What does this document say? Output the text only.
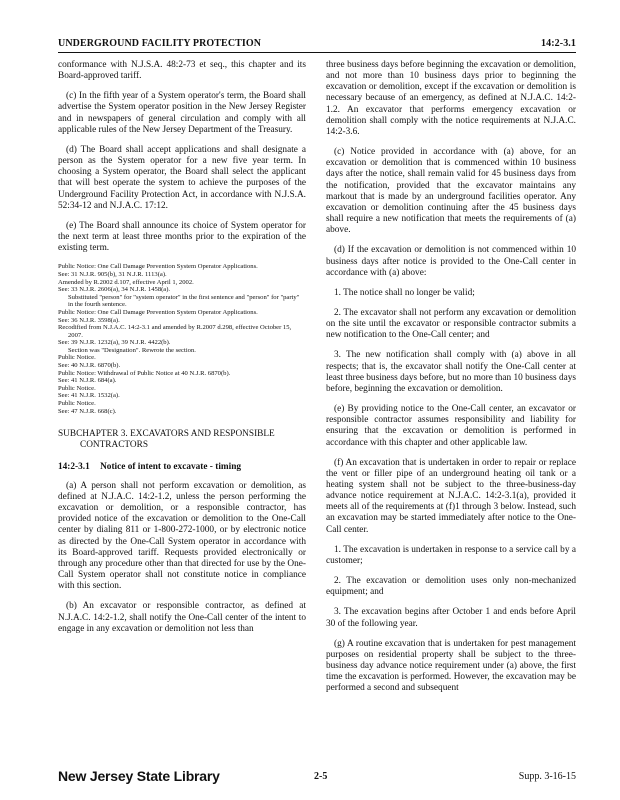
UNDERGROUND FACILITY PROTECTION	14:2-3.1

conformance with N.J.S.A. 48:2-73 et seq., this chapter and its Board-approved tariff.

(c) In the fifth year of a System operator's term, the Board shall advertise the System operator position in the New Jersey Register and in newspapers of general circulation and comply with all applicable rules of the New Jersey Department of the Treasury.

(d) The Board shall accept applications and shall designate a person as the System operator for a new five year term. In choosing a System operator, the Board shall select the applicant that will best operate the system to achieve the purposes of the Underground Facility Protection Act, in accordance with N.J.S.A. 52:34-12 and N.J.A.C. 17:12.

(e) The Board shall announce its choice of System operator for the next term at least three months prior to the expiration of the existing term.

Public Notice: One Call Damage Prevention System Operator Applications.
See: 31 N.J.R. 905(b), 31 N.J.R. 1113(a).
Amended by R.2002 d.107, effective April 1, 2002.
See: 33 N.J.R. 2606(a), 34 N.J.R. 1458(a).
Substituted "person" for "system operator" in the first sentence and "person" for "party" in the fourth sentence.
Public Notice: One Call Damage Prevention System Operator Applications.
See: 36 N.J.R. 3598(a).
Recodified from N.J.A.C. 14:2-3.1 and amended by R.2007 d.298, effective October 15, 2007.
See: 39 N.J.R. 1232(a), 39 N.J.R. 4422(b).
Section was "Designation". Rewrote the section.
Public Notice.
See: 40 N.J.R. 6870(b).
Public Notice: Withdrawal of Public Notice at 40 N.J.R. 6870(b).
See: 41 N.J.R. 684(a).
Public Notice.
See: 41 N.J.R. 1532(a).
Public Notice.
See: 47 N.J.R. 668(c).
SUBCHAPTER 3. EXCAVATORS AND RESPONSIBLE
CONTRACTORS
14:2-3.1 Notice of intent to excavate - timing

(a) A person shall not perform excavation or demolition, as defined at N.J.A.C. 14:2-1.2, unless the person performing the excavation or demolition, or a responsible contractor, has provided notice of the excavation or demolition to the One-Call center by dialing 811 or 1-800-272-1000, or by electronic notice as directed by the One-Call System operator in accordance with its Board-approved tariff. Requests provided electronically or through any procedure other than that directed for use by the One-Call System operator shall not constitute notice in compliance with this section.

(b) An excavator or responsible contractor, as defined at N.J.A.C. 14:2-1.2, shall notify the One-Call center of the intent to engage in any excavation or demolition not less than

three business days before beginning the excavation or demolition, and not more than 10 business days prior to beginning the excavation or demolition, except if the excavation or demolition is necessary because of an emergency, as defined at N.J.A.C. 14:2-1.2. An excavator that performs emergency excavation or demolition shall comply with the notice requirements at N.J.A.C. 14:2-3.6.

(c) Notice provided in accordance with (a) above, for an excavation or demolition that is commenced within 10 business days after the notice, shall remain valid for 45 business days from the notification, provided that the excavator maintains any markout that is made by an underground facilities operator. Any excavation or demolition continuing after the 45 business days shall require a new notification that meets the requirements of (a) above.

(d) If the excavation or demolition is not commenced within 10 business days after notice is provided to the One-Call center in accordance with (a) above:

1. The notice shall no longer be valid;
2. The excavator shall not perform any excavation or demolition on the site until the excavator or responsible contractor submits a new notification to the One-Call center; and
3. The new notification shall comply with (a) above in all respects; that is, the excavator shall notify the One-Call center at least three business days before, but no more than 10 business days before, beginning the excavation or demolition.

(e) By providing notice to the One-Call center, an excavator or responsible contractor assumes responsibility and liability for ensuring that the excavation or demolition is performed in accordance with this chapter and other applicable law.

(f) An excavation that is undertaken in order to repair or replace the vent or filler pipe of an underground heating oil tank or a heating system shall not be subject to the three-business-day advance notice requirement at N.J.A.C. 14:2-3.1(a), provided it meets all of the requirements at (f)1 through 3 below. Instead, such an excavation may be started immediately after notice to the One-Call center.

1. The excavation is undertaken in response to a service call by a customer;
2. The excavation or demolition uses only non-mechanized equipment; and
3. The excavation begins after October 1 and ends before April 30 of the following year.

(g) A routine excavation that is undertaken for pest management purposes on residential property shall be subject to the three-business day advance notice requirement under (a) above, the first time the excavation is performed. However, the excavation may be performed a second and subsequent

New Jersey State Library	2-5	Supp. 3-16-15
